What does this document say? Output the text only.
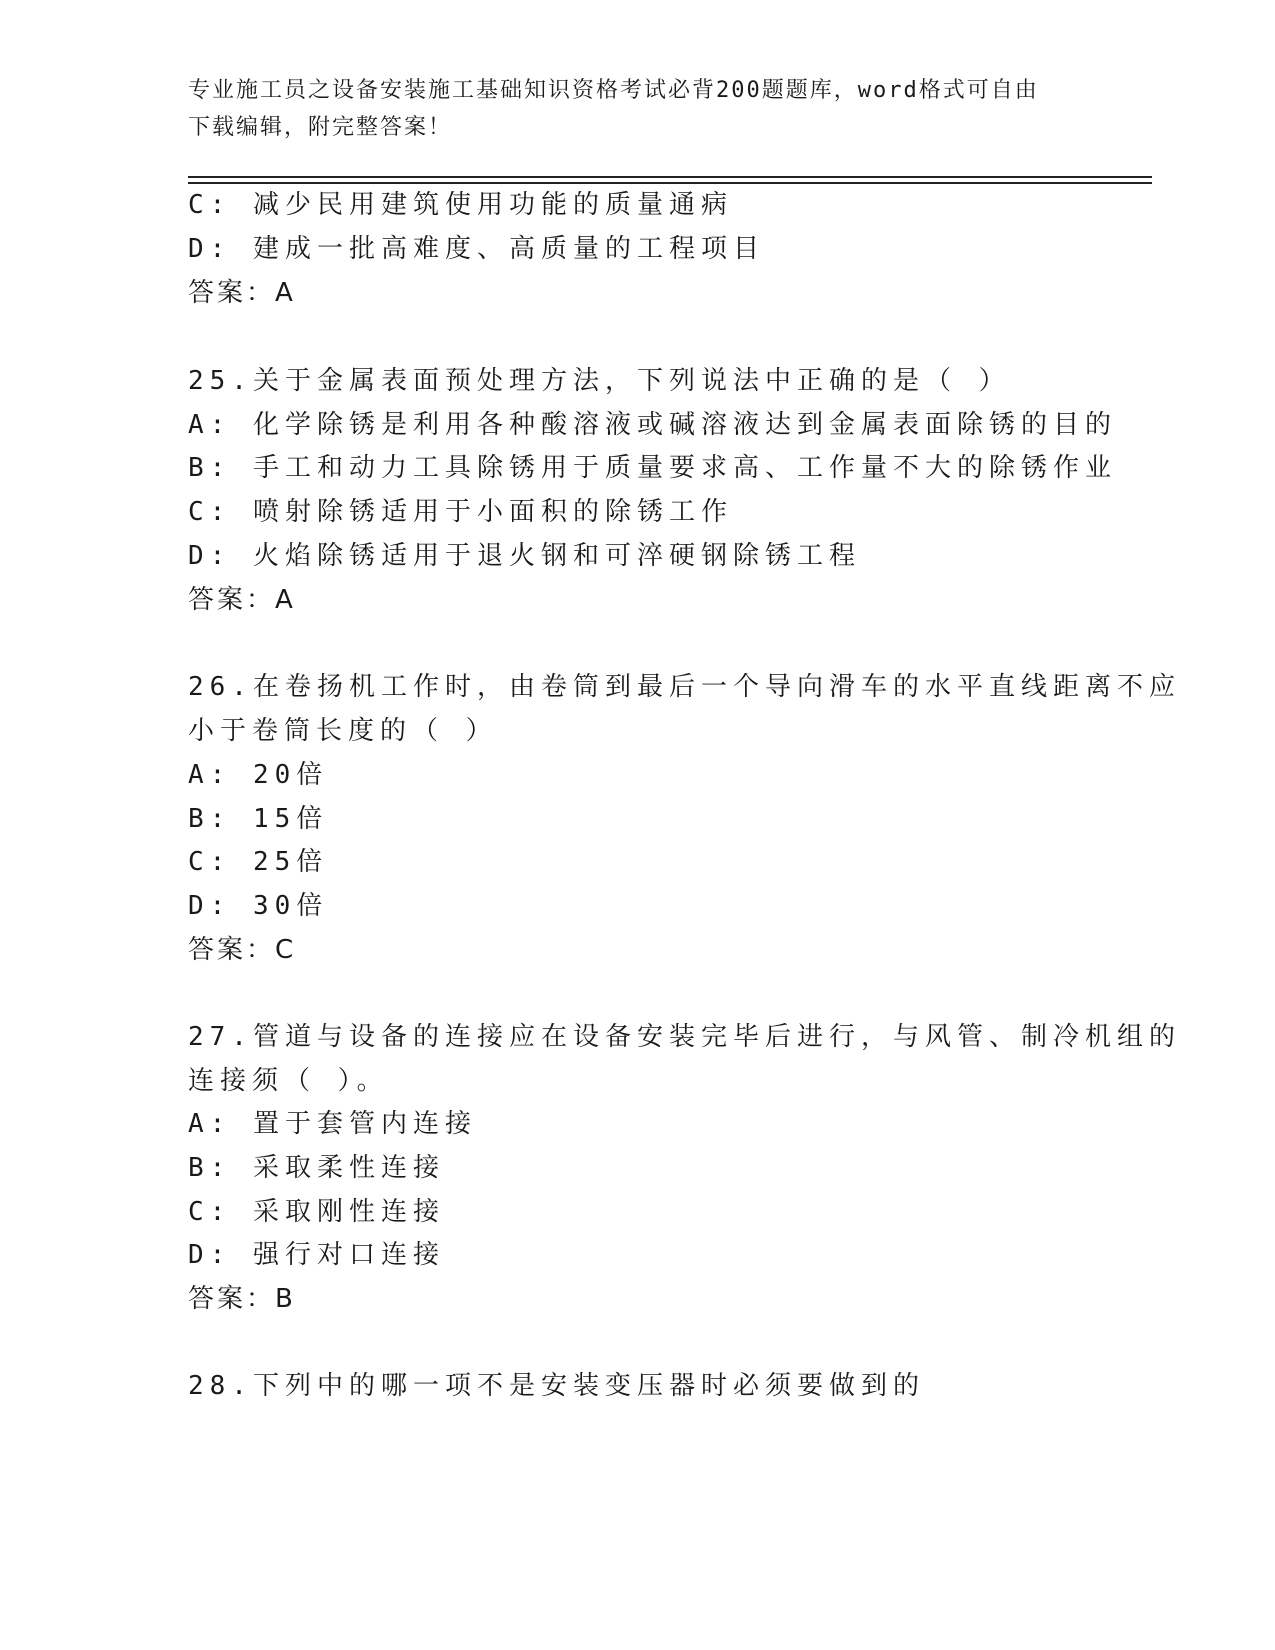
专业施工员之设备安装施工基础知识资格考试必背200题题库，word格式可自由
下载编辑，附完整答案！
C: 减少民用建筑使用功能的质量通病
D: 建成一批高难度、高质量的工程项目
答案：A
25.关于金属表面预处理方法，下列说法中正确的是（ ）
A: 化学除锈是利用各种酸溶液或碱溶液达到金属表面除锈的目的
B: 手工和动力工具除锈用于质量要求高、工作量不大的除锈作业
C: 喷射除锈适用于小面积的除锈工作
D: 火焰除锈适用于退火钢和可淬硬钢除锈工程
答案：A
26.在卷扬机工作时，由卷筒到最后一个导向滑车的水平直线距离不应
小于卷筒长度的（ ）
A: 20倍
B: 15倍
C: 25倍
D: 30倍
答案：C
27.管道与设备的连接应在设备安装完毕后进行，与风管、制冷机组的
连接须（ ）。
A: 置于套管内连接
B: 采取柔性连接
C: 采取刚性连接
D: 强行对口连接
答案：B
28.下列中的哪一项不是安装变压器时必须要做到的
